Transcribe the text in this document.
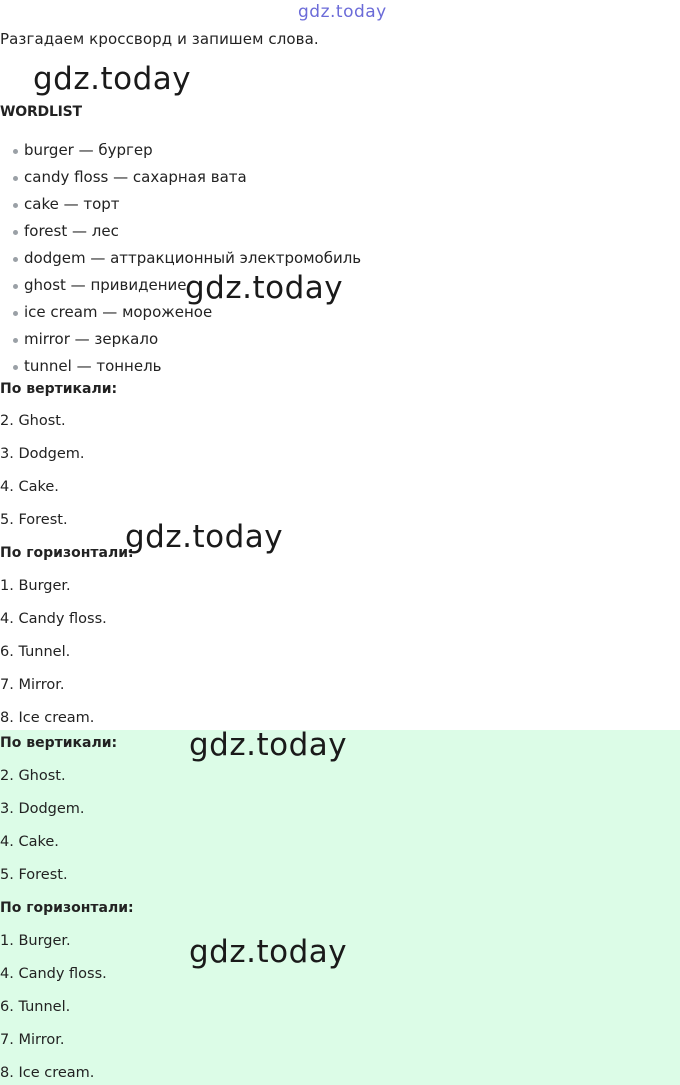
gdz.today
Разгадаем кроссворд и запишем слова.
gdz.today
WORDLIST
burger — бургер
candy floss — сахарная вата
cake — торт
forest — лес
dodgem — аттракционный электромобиль
ghost — привидение
ice cream — мороженое
mirror — зеркало
tunnel — тоннель
gdz.today
По вертикали:
2. Ghost.
3. Dodgem.
4. Cake.
5. Forest.
По горизонтали:
1. Burger.
4. Candy floss.
6. Tunnel.
7. Mirror.
8. Ice cream.
gdz.today
По вертикали:
2. Ghost.
3. Dodgem.
4. Cake.
5. Forest.
По горизонтали:
1. Burger.
4. Candy floss.
6. Tunnel.
7. Mirror.
8. Ice cream.
gdz.today
gdz.today
